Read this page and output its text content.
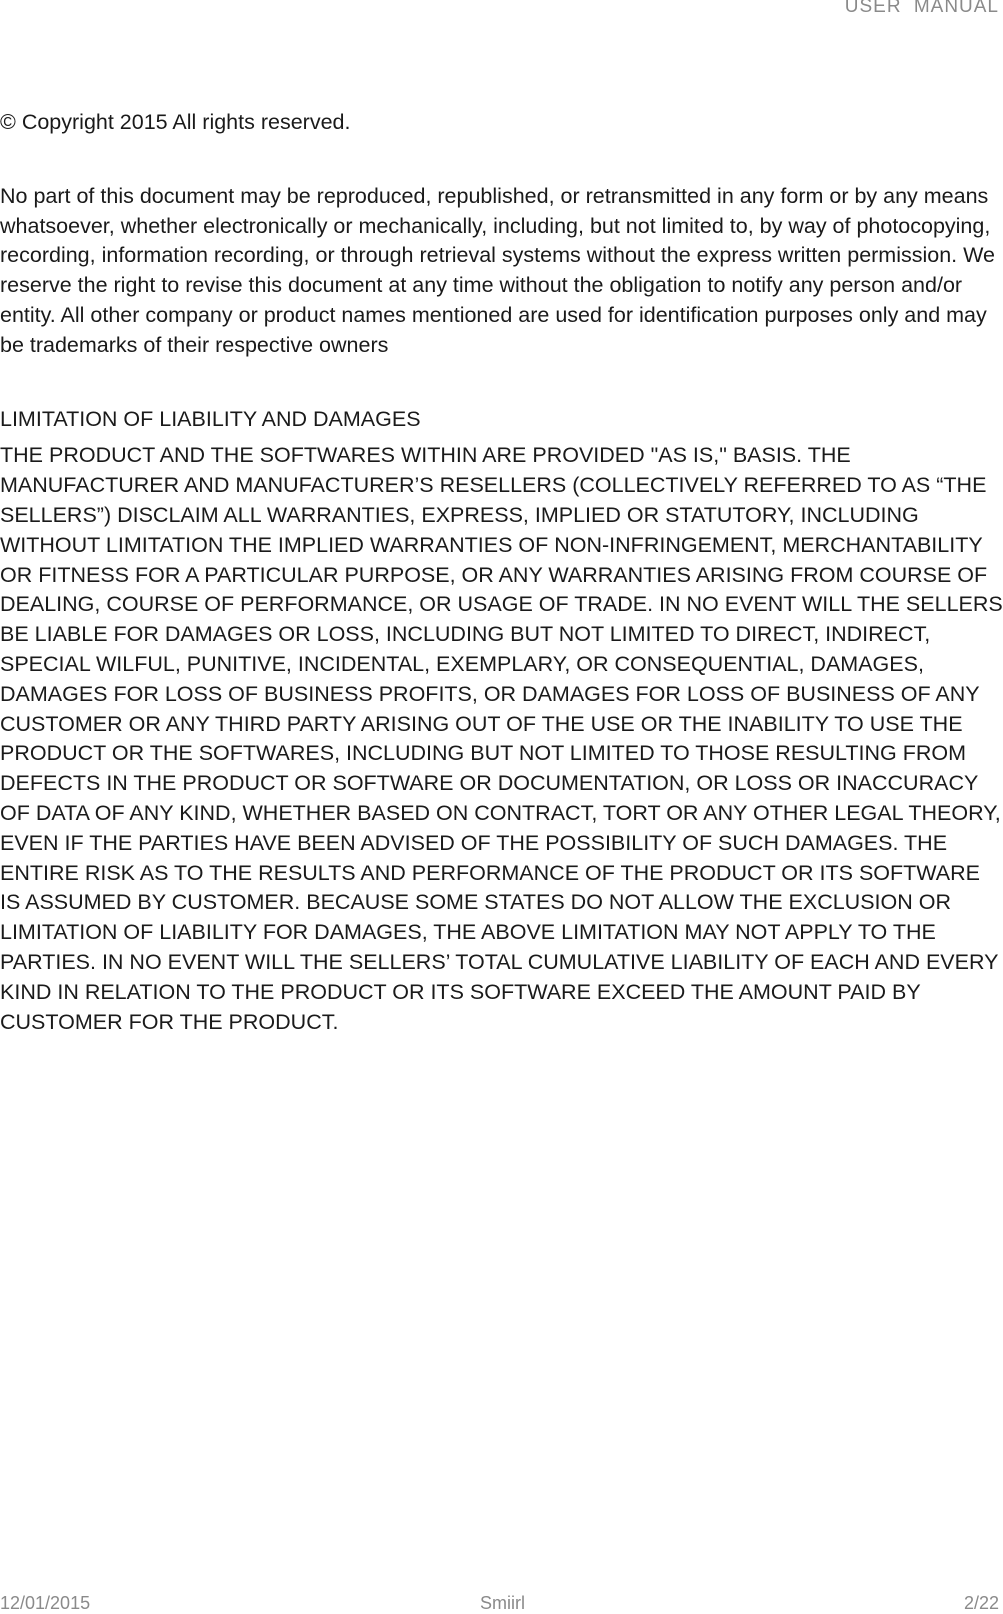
USER MANUAL

© Copyright 2015 All rights reserved.

No part of this document may be reproduced, republished, or retransmitted in any form or by any means whatsoever, whether electronically or mechanically, including, but not limited to, by way of photocopying, recording, information recording, or through retrieval systems without the express written permission. We reserve the right to revise this document at any time without the obligation to notify any person and/or entity. All other company or product names mentioned are used for identification purposes only and may be trademarks of their respective owners

LIMITATION OF LIABILITY AND DAMAGES

THE PRODUCT AND THE SOFTWARES WITHIN ARE PROVIDED "AS IS," BASIS. THE MANUFACTURER AND MANUFACTURER’S RESELLERS (COLLECTIVELY REFERRED TO AS “THE SELLERS”) DISCLAIM ALL WARRANTIES, EXPRESS, IMPLIED OR STATUTORY, INCLUDING WITHOUT LIMITATION THE IMPLIED WARRANTIES OF NON-INFRINGEMENT, MERCHANTABILITY OR FITNESS FOR A PARTICULAR PURPOSE, OR ANY WARRANTIES ARISING FROM COURSE OF DEALING, COURSE OF PERFORMANCE, OR USAGE OF TRADE. IN NO EVENT WILL THE SELLERS BE LIABLE FOR DAMAGES OR LOSS, INCLUDING BUT NOT LIMITED TO DIRECT, INDIRECT, SPECIAL WILFUL, PUNITIVE, INCIDENTAL, EXEMPLARY, OR CONSEQUENTIAL, DAMAGES, DAMAGES FOR LOSS OF BUSINESS PROFITS, OR DAMAGES FOR LOSS OF BUSINESS OF ANY CUSTOMER OR ANY THIRD PARTY ARISING OUT OF THE USE OR THE INABILITY TO USE THE PRODUCT OR THE SOFTWARES, INCLUDING BUT NOT LIMITED TO THOSE RESULTING FROM DEFECTS IN THE PRODUCT OR SOFTWARE OR DOCUMENTATION, OR LOSS OR INACCURACY OF DATA OF ANY KIND, WHETHER BASED ON CONTRACT, TORT OR ANY OTHER LEGAL THEORY, EVEN IF THE PARTIES HAVE BEEN ADVISED OF THE POSSIBILITY OF SUCH DAMAGES. THE ENTIRE RISK AS TO THE RESULTS AND PERFORMANCE OF THE PRODUCT OR ITS SOFTWARE IS ASSUMED BY CUSTOMER. BECAUSE SOME STATES DO NOT ALLOW THE EXCLUSION OR LIMITATION OF LIABILITY FOR DAMAGES, THE ABOVE LIMITATION MAY NOT APPLY TO THE PARTIES. IN NO EVENT WILL THE SELLERS’ TOTAL CUMULATIVE LIABILITY OF EACH AND EVERY KIND IN RELATION TO THE PRODUCT OR ITS SOFTWARE EXCEED THE AMOUNT PAID BY CUSTOMER FOR THE PRODUCT.

12/01/2015	Smiirl	2/22
